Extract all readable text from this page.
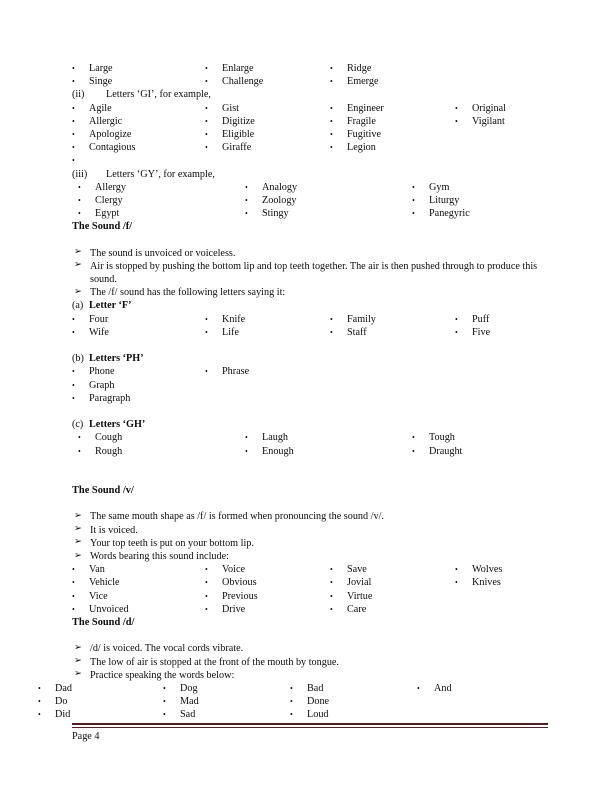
• Large	• Enlarge	• Ridge
• Singe	• Challenge	• Emerge
(ii) Letters ‘GI’, for example,
• Agile	• Gist	• Engineer	• Original
• Allergic	• Digitize	• Fragile	• Vigilant
• Apologize	• Eligible	• Fugitive
• Contagious	• Giraffe	• Legion
•
(iii) Letters ‘GY’, for example,
• Allergy	• Analogy	• Gym
• Clergy	• Zoology	• Liturgy
• Egypt	• Stingy	• Panegyric
The Sound /f/
➢ The sound is unvoiced or voiceless.
➢ Air is stopped by pushing the bottom lip and top teeth together. The air is then pushed through to produce this sound.
➢ The /f/ sound has the following letters saying it:
(a) Letter ‘F’
• Four	• Knife	• Family	• Puff
• Wife	• Life	• Staff	• Five
(b) Letters ‘PH’
• Phone	• Phrase
• Graph
• Paragraph
(c) Letters ‘GH’
• Cough	• Laugh	• Tough
• Rough	• Enough	• Draught
The Sound /v/
➢ The same mouth shape as /f/ is formed when pronouncing the sound /v/.
➢ It is voiced.
➢ Your top teeth is put on your bottom lip.
➢ Words bearing this sound include:
• Van	• Voice	• Save	• Wolves
• Vehicle	• Obvious	• Jovial	• Knives
• Vice	• Previous	• Virtue
• Unvoiced	• Drive	• Care
The Sound /d/
➢ /d/ is voiced. The vocal cords vibrate.
➢ The low of air is stopped at the front of the mouth by tongue.
➢ Practice speaking the words below:
• Dad	• Dog	• Bad	• And
• Do	• Mad	• Done
• Did	• Sad	• Loud
Page 4
